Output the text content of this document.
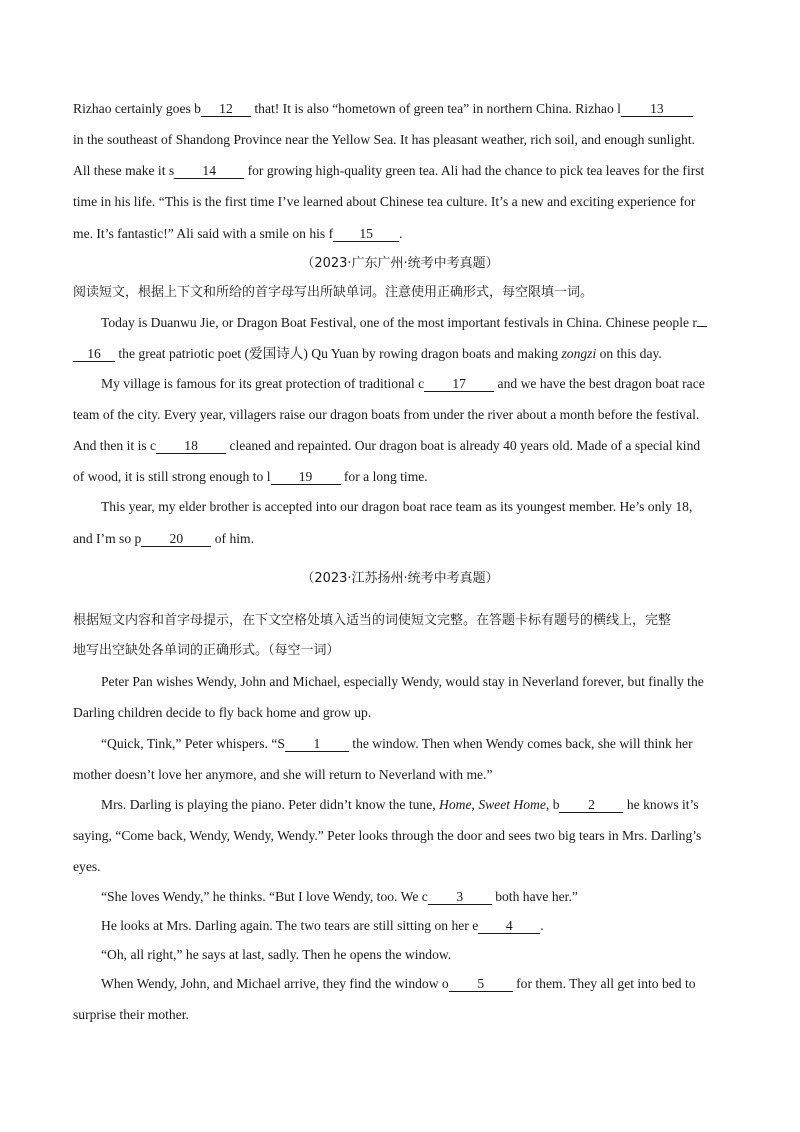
Rizhao certainly goes b 12 that! It is also “hometown of green tea” in northern China. Rizhao l 13
in the southeast of Shandong Province near the Yellow Sea. It has pleasant weather, rich soil, and enough sunlight.
All these make it s 14 for growing high-quality green tea. Ali had the chance to pick tea leaves for the first
time in his life. “This is the first time I’ve learned about Chinese tea culture. It’s a new and exciting experience for
me. It’s fantastic!” Ali said with a smile on his f 15 .
（2023·广东广州·统考中考真题）
阅读短文，根据上下文和所给的首字母写出所缺单词。注意使用正确形式，每空限填一词。
Today is Duanwu Jie, or Dragon Boat Festival, one of the most important festivals in China. Chinese people r
16 the great patriotic poet (爱国诗人) Qu Yuan by rowing dragon boats and making zongzi on this day.
My village is famous for its great protection of traditional c 17 and we have the best dragon boat race
team of the city. Every year, villagers raise our dragon boats from under the river about a month before the festival.
And then it is c 18 cleaned and repainted. Our dragon boat is already 40 years old. Made of a special kind
of wood, it is still strong enough to l 19 for a long time.
This year, my elder brother is accepted into our dragon boat race team as its youngest member. He’s only 18,
and I’m so p 20 of him.
（2023·江苏扬州·统考中考真题）
根据短文内容和首字母提示，在下文空格处填入适当的词使短文完整。在答题卡标有题号的横线上，完整
地写出空缺处各单词的正确形式。（每空一词）
Peter Pan wishes Wendy, John and Michael, especially Wendy, would stay in Neverland forever, but finally the
Darling children decide to fly back home and grow up.
“Quick, Tink,” Peter whispers. “S 1 the window. Then when Wendy comes back, she will think her
mother doesn’t love her anymore, and she will return to Neverland with me.”
Mrs. Darling is playing the piano. Peter didn’t know the tune, Home, Sweet Home, b 2 he knows it’s
saying, “Come back, Wendy, Wendy, Wendy.” Peter looks through the door and sees two big tears in Mrs. Darling’s
eyes.
“She loves Wendy,” he thinks. “But I love Wendy, too. We c 3 both have her.”
He looks at Mrs. Darling again. The two tears are still sitting on her e 4 .
“Oh, all right,” he says at last, sadly. Then he opens the window.
When Wendy, John, and Michael arrive, they find the window o 5 for them. They all get into bed to
surprise their mother.
